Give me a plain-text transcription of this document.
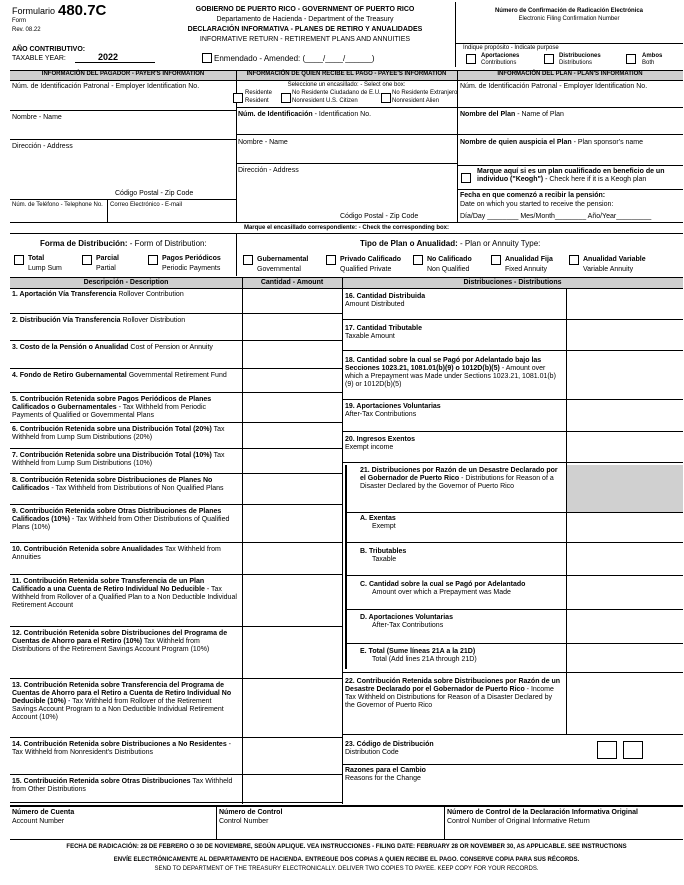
Formulario 480.7C
Form
Rev. 08.22
AÑO CONTRIBUTIVO:
TAXABLE YEAR:	2022
GOBIERNO DE PUERTO RICO - GOVERNMENT OF PUERTO RICO
Departamento de Hacienda - Department of the Treasury
DECLARACIÓN INFORMATIVA - PLANES DE RETIRO Y ANUALIDADES
INFORMATIVE RETURN - RETIREMENT PLANS AND ANNUITIES
Enmendado - Amended: (____/____/______)
Número de Confirmación de Radicación Electrónica
Electronic Filing Confirmation Number
Indique propósito - Indicate purpose
Aportaciones
Contributions
Distribuciones
Distributions
Ambos
Both
INFORMACIÓN DEL PAGADOR - PAYER'S INFORMATION	INFORMACIÓN DE QUIEN RECIBE EL PAGO - PAYEE'S INFORMATION	INFORMACIÓN DEL PLAN - PLAN'S INFORMATION
Núm. de Identificación Patronal - Employer Identification No.
Nombre - Name
Dirección - Address
Código Postal - Zip Code
Núm. de Teléfono - Telephone No. Correo Electrónico - E-mail
Seleccione un encasillado: - Select one box:
Residente
Resident
No Residente Ciudadano de E.U.
Nonresident U.S. Citizen
No Residente Extranjero
Nonresident Alien
Núm. de Identificación - Identification No.
Nombre - Name
Dirección - Address
Código Postal - Zip Code
Núm. de Identificación Patronal - Employer Identification No.
Nombre del Plan - Name of Plan
Nombre de quien auspicia el Plan - Plan sponsor's name
Marque aquí si es un plan cualificado en beneficio de un individuo ("Keogh") - Check here if it is a Keogh plan
Fecha en que comenzó a recibir la pensión:
Date on which you started to receive the pension:
Día/Day ________ Mes/Month________ Año/Year_________
Marque el encasillado correspondiente: - Check the corresponding box:
Forma de Distribución: - Form of Distribution:
Total
Lump Sum
Parcial
Partial
Pagos Periódicos
Periodic Payments
Tipo de Plan o Anualidad: - Plan or Annuity Type:
Gubernamental
Governmental
Privado Calificado
Qualified Private
No Calificado
Non Qualified
Anualidad Fija
Fixed Annuity
Anualidad Variable
Variable Annuity
Descripción - Description	Cantidad - Amount	Distribuciones - Distributions
1. Aportación Vía Transferencia Rollover Contribution
2. Distribución Vía Transferencia Rollover Distribution
3. Costo de la Pensión o Anualidad Cost of Pension or Annuity
4. Fondo de Retiro Gubernamental Governmental Retirement Fund
5. Contribución Retenida sobre Pagos Periódicos de Planes Calificados o Gubernamentales - Tax Withheld from Periodic Payments of Qualified or Governmental Plans
6. Contribución Retenida sobre una Distribución Total (20%) Tax Withheld from Lump Sum Distributions (20%)
7. Contribución Retenida sobre una Distribución Total (10%) Tax Withheld from Lump Sum Distributions (10%)
8. Contribución Retenida sobre Distribuciones de Planes No Calificados - Tax Withheld from Distributions of Non Qualified Plans
9. Contribución Retenida sobre Otras Distribuciones de Planes Calificados (10%) - Tax Withheld from Other Distributions of Qualified Plans (10%)
10. Contribución Retenida sobre Anualidades Tax Withheld from Annuities
11. Contribución Retenida sobre Transferencia de un Plan Calificado a una Cuenta de Retiro Individual No Deducible - Tax Withheld from Rollover of a Qualified Plan to a Non Deductible Individual Retirement Account
12. Contribución Retenida sobre Distribuciones del Programa de Cuentas de Ahorro para el Retiro (10%) Tax Withheld from Distributions of the Retirement Savings Account Program (10%)
13. Contribución Retenida sobre Transferencia del Programa de Cuentas de Ahorro para el Retiro a Cuenta de Retiro Individual No Deducible (10%) - Tax Withheld from Rollover of the Retirement Savings Account Program to a Non Deductible Individual Retirement Account (10%)
14. Contribución Retenida sobre Distribuciones a No Residentes - Tax Withheld from Nonresident's Distributions
15. Contribución Retenida sobre Otras Distribuciones Tax Withheld from Other Distributions
16. Cantidad Distribuida
Amount Distributed
17. Cantidad Tributable
Taxable Amount
18. Cantidad sobre la cual se Pagó por Adelantado bajo las Secciones 1023.21, 1081.01(b)(9) o 1012D(b)(5) - Amount over which a Prepayment was Made under Sections 1023.21, 1081.01(b)(9) or 1012D(b)(5)
19. Aportaciones Voluntarias
After-Tax Contributions
20. Ingresos Exentos
Exempt income
21. Distribuciones por Razón de un Desastre Declarado por el Gobernador de Puerto Rico - Distributions for Reason of a Disaster Declared by the Governor of Puerto Rico
A. Exentas
Exempt
B. Tributables
Taxable
C. Cantidad sobre la cual se Pagó por Adelantado
Amount over which a Prepayment was Made
D. Aportaciones Voluntarias
After-Tax Contributions
E. Total (Sume líneas 21A a la 21D)
Total (Add lines 21A through 21D)
22. Contribución Retenida sobre Distribuciones por Razón de un Desastre Declarado por el Gobernador de Puerto Rico - Income Tax Withheld on Distributions for Reason of a Disaster Declared by the Governor of Puerto Rico
23. Código de Distribución
Distribution Code
Razones para el Cambio
Reasons for the Change
Número de Cuenta
Account Number
Número de Control
Control Number
Número de Control de la Declaración Informativa Original
Control Number of Original Informative Return
FECHA DE RADICACIÓN: 28 DE FEBRERO O 30 DE NOVIEMBRE, SEGÚN APLIQUE. VEA INSTRUCCIONES - FILING DATE: FEBRUARY 28 OR NOVEMBER 30, AS APPLICABLE. SEE INSTRUCTIONS
ENVÍE ELECTRÓNICAMENTE AL DEPARTAMENTO DE HACIENDA. ENTREGUE DOS COPIAS A QUIEN RECIBE EL PAGO. CONSERVE COPIA PARA SUS RÉCORDS.
SEND TO DEPARTMENT OF THE TREASURY ELECTRONICALLY. DELIVER TWO COPIES TO PAYEE. KEEP COPY FOR YOUR RECORDS.
